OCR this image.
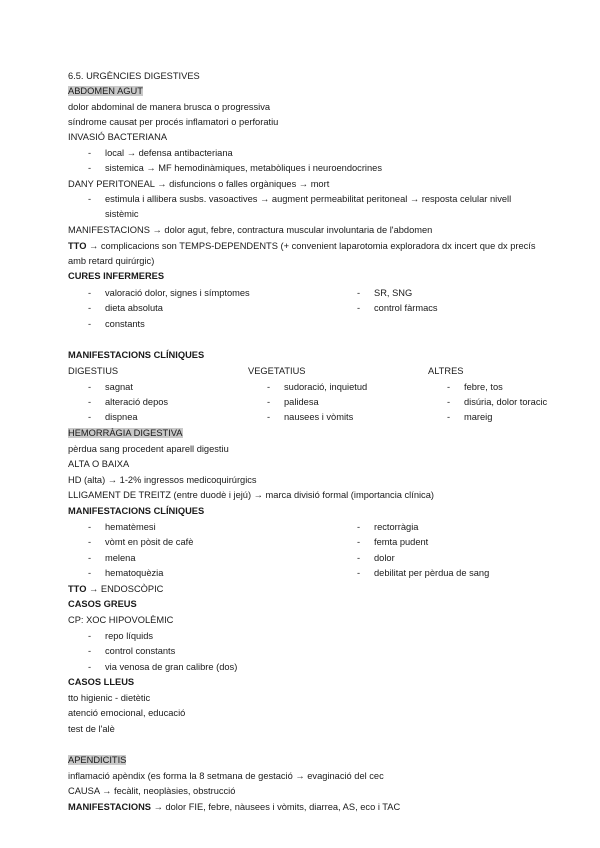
6.5. URGÈNCIES DIGESTIVES
ABDOMEN AGUT
dolor abdominal de manera brusca o progressiva
síndrome causat per procés inflamatori o perforatiu
INVASIÓ BACTERIANA
- local → defensa antibacteriana
- sistemica → MF hemodinàmiques, metabòliques i neuroendocrines
DANY PERITONEAL → disfuncions o falles orgàniques → mort
- estimula i allibera susbs. vasoactives → augment permeabilitat peritoneal → resposta celular nivell
sistèmic
MANIFESTACIONS → dolor agut, febre, contractura muscular involuntaria de l'abdomen
TTO → complicacions son TEMPS-DEPENDENTS (+ convenient laparotomia exploradora dx incert que dx precís
amb retard quirúrgic)
CURES INFERMERES
- valoració dolor, signes i símptomes
- dieta absoluta
- constants
- SR, SNG
- control fàrmacs
MANIFESTACIONS CLÍNIQUES
DIGESTIUS	VEGETATIUS	ALTRES
- sagnat
- alteració depos
- dispnea
- sudoració, inquietud
- palidesa
- nausees i vòmits
- febre, tos
- disúria, dolor toracic
- mareig
HEMORRÀGIA DIGESTIVA
pèrdua sang procedent aparell digestiu
ALTA O BAIXA
HD (alta) → 1-2% ingressos medicoquirúrgics
LLIGAMENT DE TREITZ (entre duodè i jejú) → marca divisió formal (importancia clínica)
MANIFESTACIONS CLÍNIQUES
- hematèmesi
- vòmt en pòsit de cafè
- melena
- hematoquèzia
- rectorràgia
- femta pudent
- dolor
- debilitat per pèrdua de sang
TTO → ENDOSCÒPIC
CASOS GREUS
CP: XOC HIPOVOLÈMIC
- repo líquids
- control constants
- via venosa de gran calibre (dos)
CASOS LLEUS
tto higienic - dietètic
atenció emocional, educació
test de l'alè
APENDICITIS
inflamació apèndix (es forma la 8 setmana de gestació → evaginació del cec
CAUSA → fecàlit, neoplàsies, obstrucció
MANIFESTACIONS → dolor FIE, febre, nàusees i vòmits, diarrea, AS, eco i TAC
